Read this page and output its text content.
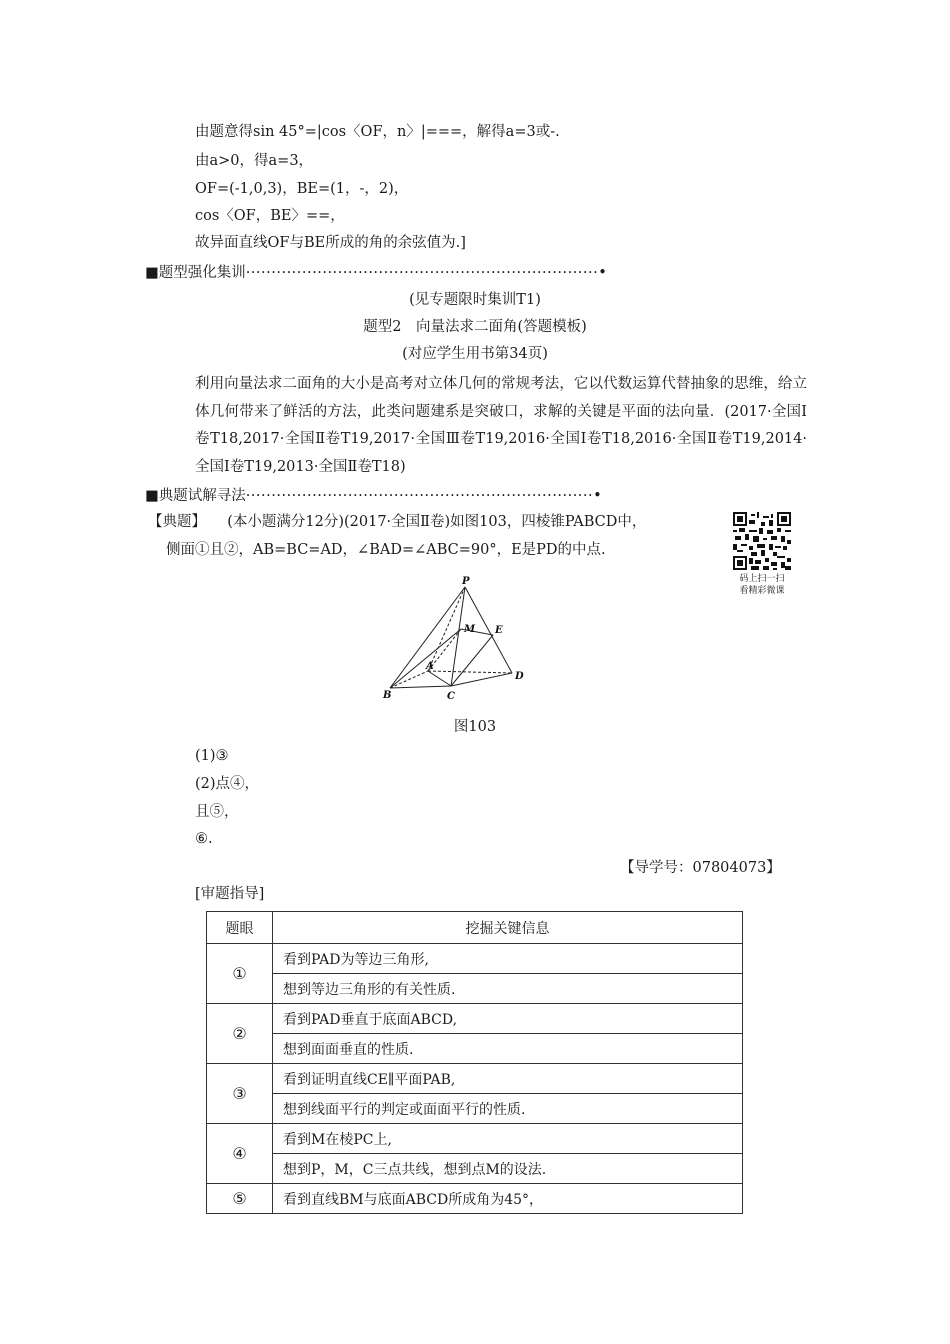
由题意得sin 45°=|cos〈OF，n〉|===，解得a=3或-.
由a>0，得a=3，
OF=(-1,0,3)，BE=(1，-，2)，
cos〈OF，BE〉==，
故异面直线OF与BE所成的角的余弦值为.]
■题型强化集训·····································································•
(见专题限时集训T1)
题型2　向量法求二面角(答题模板)
(对应学生用书第34页)
利用向量法求二面角的大小是高考对立体几何的常规考法，它以代数运算代替抽象的思维，给立体几何带来了鲜活的方法，此类问题建系是突破口，求解的关键是平面的法向量．(2017·全国Ⅰ卷T18,2017·全国Ⅱ卷T19,2017·全国Ⅲ卷T19,2016·全国Ⅰ卷T18,2016·全国Ⅱ卷T19,2014·全国Ⅰ卷T19,2013·全国Ⅱ卷T18)
■典题试解寻法····································································•
【典题】 (本小题满分12分)(2017·全国Ⅱ卷)如图103，四棱锥PABCD中，
侧面①且②，AB=BC=AD，∠BAD=∠ABC=90°，E是PD的中点.
码上扫一扫
看精彩微课
P
M E
A
B	C
D
图103
(1)③
(2)点④，
且⑤，
⑥.
【导学号：07804073】
[审题指导]
题眼	挖掘关键信息
①	看到PAD为等边三角形,
	想到等边三角形的有关性质.
②	看到PAD垂直于底面ABCD,
	想到面面垂直的性质.
③	看到证明直线CE∥平面PAB,
	想到线面平行的判定或面面平行的性质.
④	看到M在棱PC上,
	想到P，M，C三点共线，想到点M的设法.
⑤	看到直线BM与底面ABCD所成角为45°，
